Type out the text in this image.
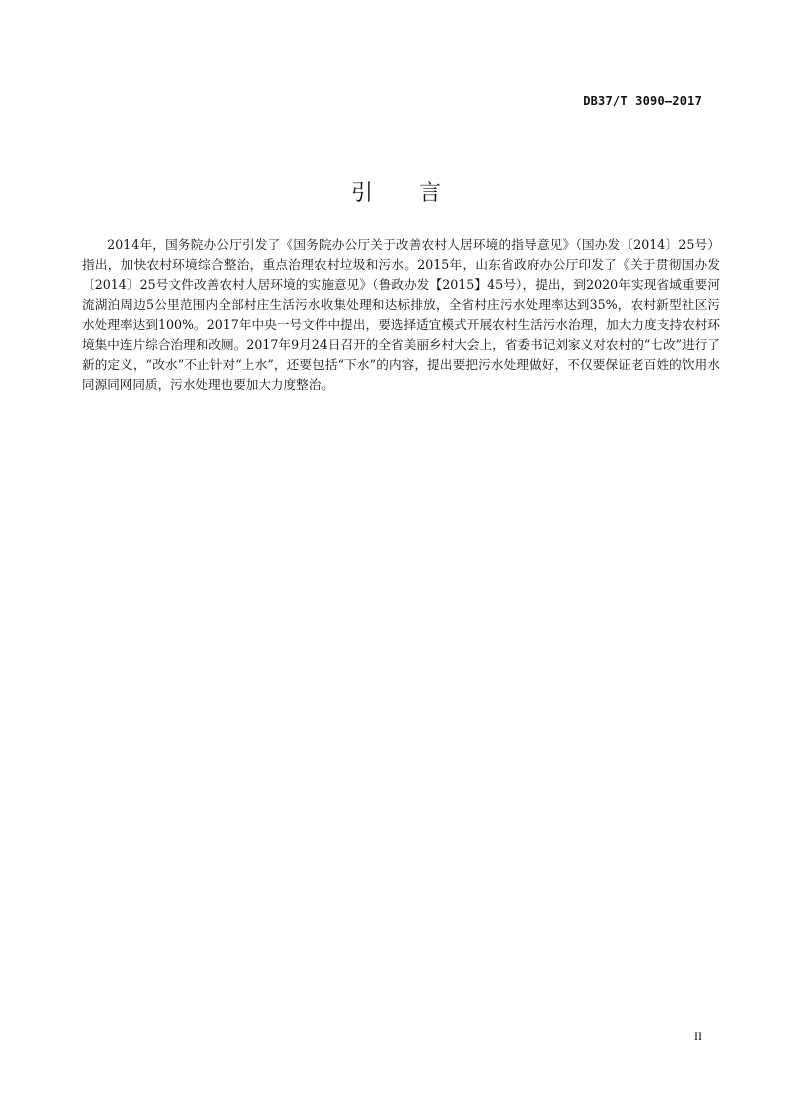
DB37/T 3090—2017
引言

2014年，国务院办公厅引发了《国务院办公厅关于改善农村人居环境的指导意见》（国办发〔2014〕25号）指出，加快农村环境综合整治，重点治理农村垃圾和污水。2015年，山东省政府办公厅印发了《关于贯彻国办发〔2014〕25号文件改善农村人居环境的实施意见》（鲁政办发【2015】45号），提出，到2020年实现省域重要河流湖泊周边5公里范围内全部村庄生活污水收集处理和达标排放，全省村庄污水处理率达到35%，农村新型社区污水处理率达到100%。2017年中央一号文件中提出，要选择适宜模式开展农村生活污水治理，加大力度支持农村环境集中连片综合治理和改厕。2017年9月24日召开的全省美丽乡村大会上，省委书记刘家义对农村的“七改”进行了新的定义，“改水”不止针对“上水”，还要包括“下水”的内容，提出要把污水处理做好，不仅要保证老百姓的饮用水同源同网同质，污水处理也要加大力度整治。

II
